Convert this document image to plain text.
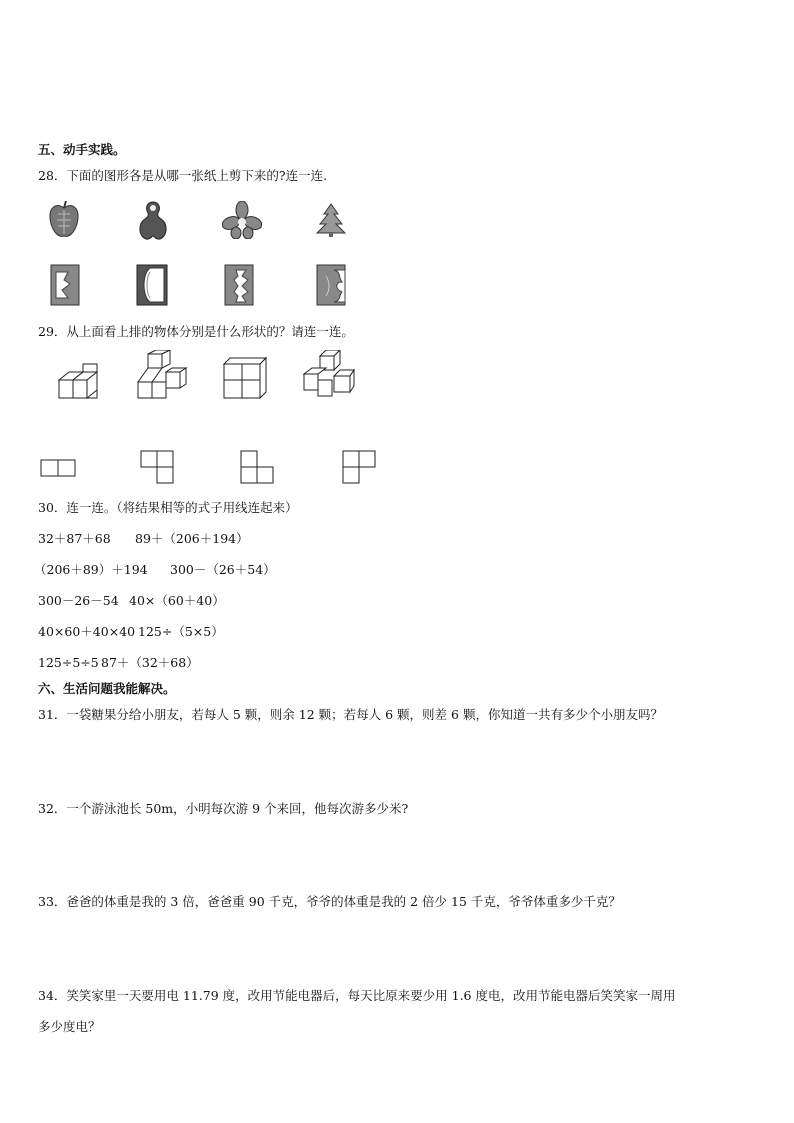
五、动手实践。
28．下面的图形各是从哪一张纸上剪下来的?连一连.
29．从上面看上排的物体分别是什么形状的？请连一连。
30．连一连。（将结果相等的式子用线连起来）
32＋87＋68 89＋（206＋194）
（206＋89）＋194 300－（26＋54）
300－26－54 40×（60＋40）
40×60＋40×40 125÷（5×5）
125÷5÷5 87＋（32＋68）
六、生活问题我能解决。
31．一袋糖果分给小朋友，若每人 5 颗，则余 12 颗；若每人 6 颗，则差 6 颗，你知道一共有多少个小朋友吗？
32．一个游泳池长 50m，小明每次游 9 个来回，他每次游多少米?
33．爸爸的体重是我的 3 倍，爸爸重 90 千克，爷爷的体重是我的 2 倍少 15 千克，爷爷体重多少千克？
34．笑笑家里一天要用电 11.79 度，改用节能电器后，每天比原来要少用 1.6 度电，改用节能电器后笑笑家一周用
多少度电？
